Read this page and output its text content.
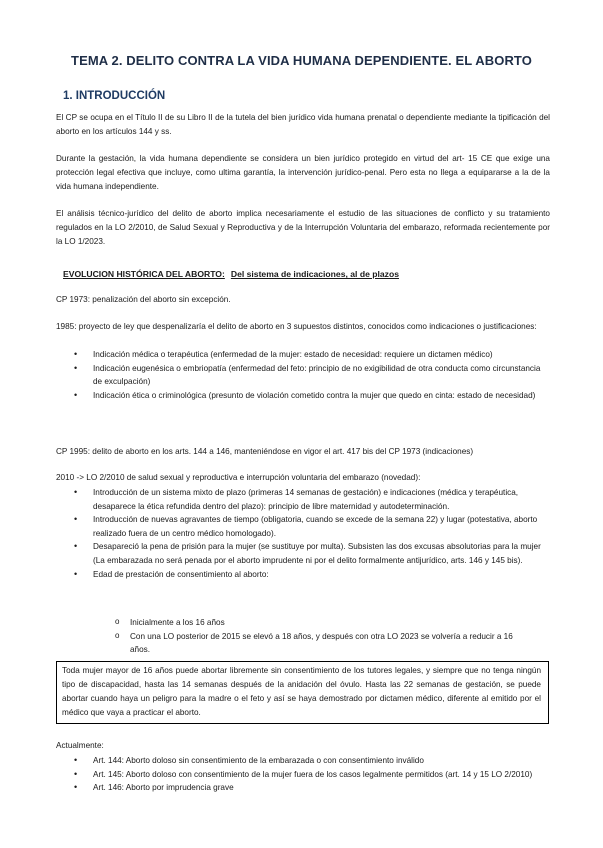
TEMA 2. DELITO CONTRA LA VIDA HUMANA DEPENDIENTE. EL ABORTO
1. INTRODUCCIÓN
El CP se ocupa en el Título II de su Libro II de la tutela del bien jurídico vida humana prenatal o dependiente mediante la tipificación del aborto en los artículos 144 y ss.
Durante la gestación, la vida humana dependiente se considera un bien jurídico protegido en virtud del art- 15 CE que exige una protección legal efectiva que incluye, como ultima garantía, la intervención jurídico-penal. Pero esta no llega a equipararse a la de la vida humana independiente.
El análisis técnico-jurídico del delito de aborto implica necesariamente el estudio de las situaciones de conflicto y su tratamiento regulados en la LO 2/2010, de Salud Sexual y Reproductiva y de la Interrupción Voluntaria del embarazo, reformada recientemente por la LO 1/2023.
EVOLUCION HISTÓRICA DEL ABORTO: Del sistema de indicaciones, al de plazos
CP 1973: penalización del aborto sin excepción.
1985: proyecto de ley que despenalizaría el delito de aborto en 3 supuestos distintos, conocidos como indicaciones o justificaciones:
• Indicación médica o terapéutica (enfermedad de la mujer: estado de necesidad: requiere un dictamen médico)
• Indicación eugenésica o embriopatía (enfermedad del feto: principio de no exigibilidad de otra conducta como circunstancia de exculpación)
• Indicación ética o criminológica (presunto de violación cometido contra la mujer que quedo en cinta: estado de necesidad)
CP 1995: delito de aborto en los arts. 144 a 146, manteniéndose en vigor el art. 417 bis del CP 1973 (indicaciones)
2010 -> LO 2/2010 de salud sexual y reproductiva e interrupción voluntaria del embarazo (novedad):
• Introducción de un sistema mixto de plazo (primeras 14 semanas de gestación) e indicaciones (médica y terapéutica, desaparece la ética refundida dentro del plazo): principio de libre maternidad y autodeterminación.
• Introducción de nuevas agravantes de tiempo (obligatoria, cuando se excede de la semana 22) y lugar (potestativa, aborto realizado fuera de un centro médico homologado).
• Desapareció la pena de prisión para la mujer (se sustituye por multa). Subsisten las dos excusas absolutorias para la mujer (La embarazada no será penada por el aborto imprudente ni por el delito formalmente antijurídico, arts. 146 y 145 bis).
• Edad de prestación de consentimiento al aborto:
o Inicialmente a los 16 años
o Con una LO posterior de 2015 se elevó a 18 años, y después con otra LO 2023 se volvería a reducir a 16 años.
Toda mujer mayor de 16 años puede abortar libremente sin consentimiento de los tutores legales, y siempre que no tenga ningún tipo de discapacidad, hasta las 14 semanas después de la anidación del óvulo. Hasta las 22 semanas de gestación, se puede abortar cuando haya un peligro para la madre o el feto y así se haya demostrado por dictamen médico, diferente al emitido por el médico que vaya a practicar el aborto.
Actualmente:
• Art. 144: Aborto doloso sin consentimiento de la embarazada o con consentimiento inválido
• Art. 145: Aborto doloso con consentimiento de la mujer fuera de los casos legalmente permitidos (art. 14 y 15 LO 2/2010)
• Art. 146: Aborto por imprudencia grave
